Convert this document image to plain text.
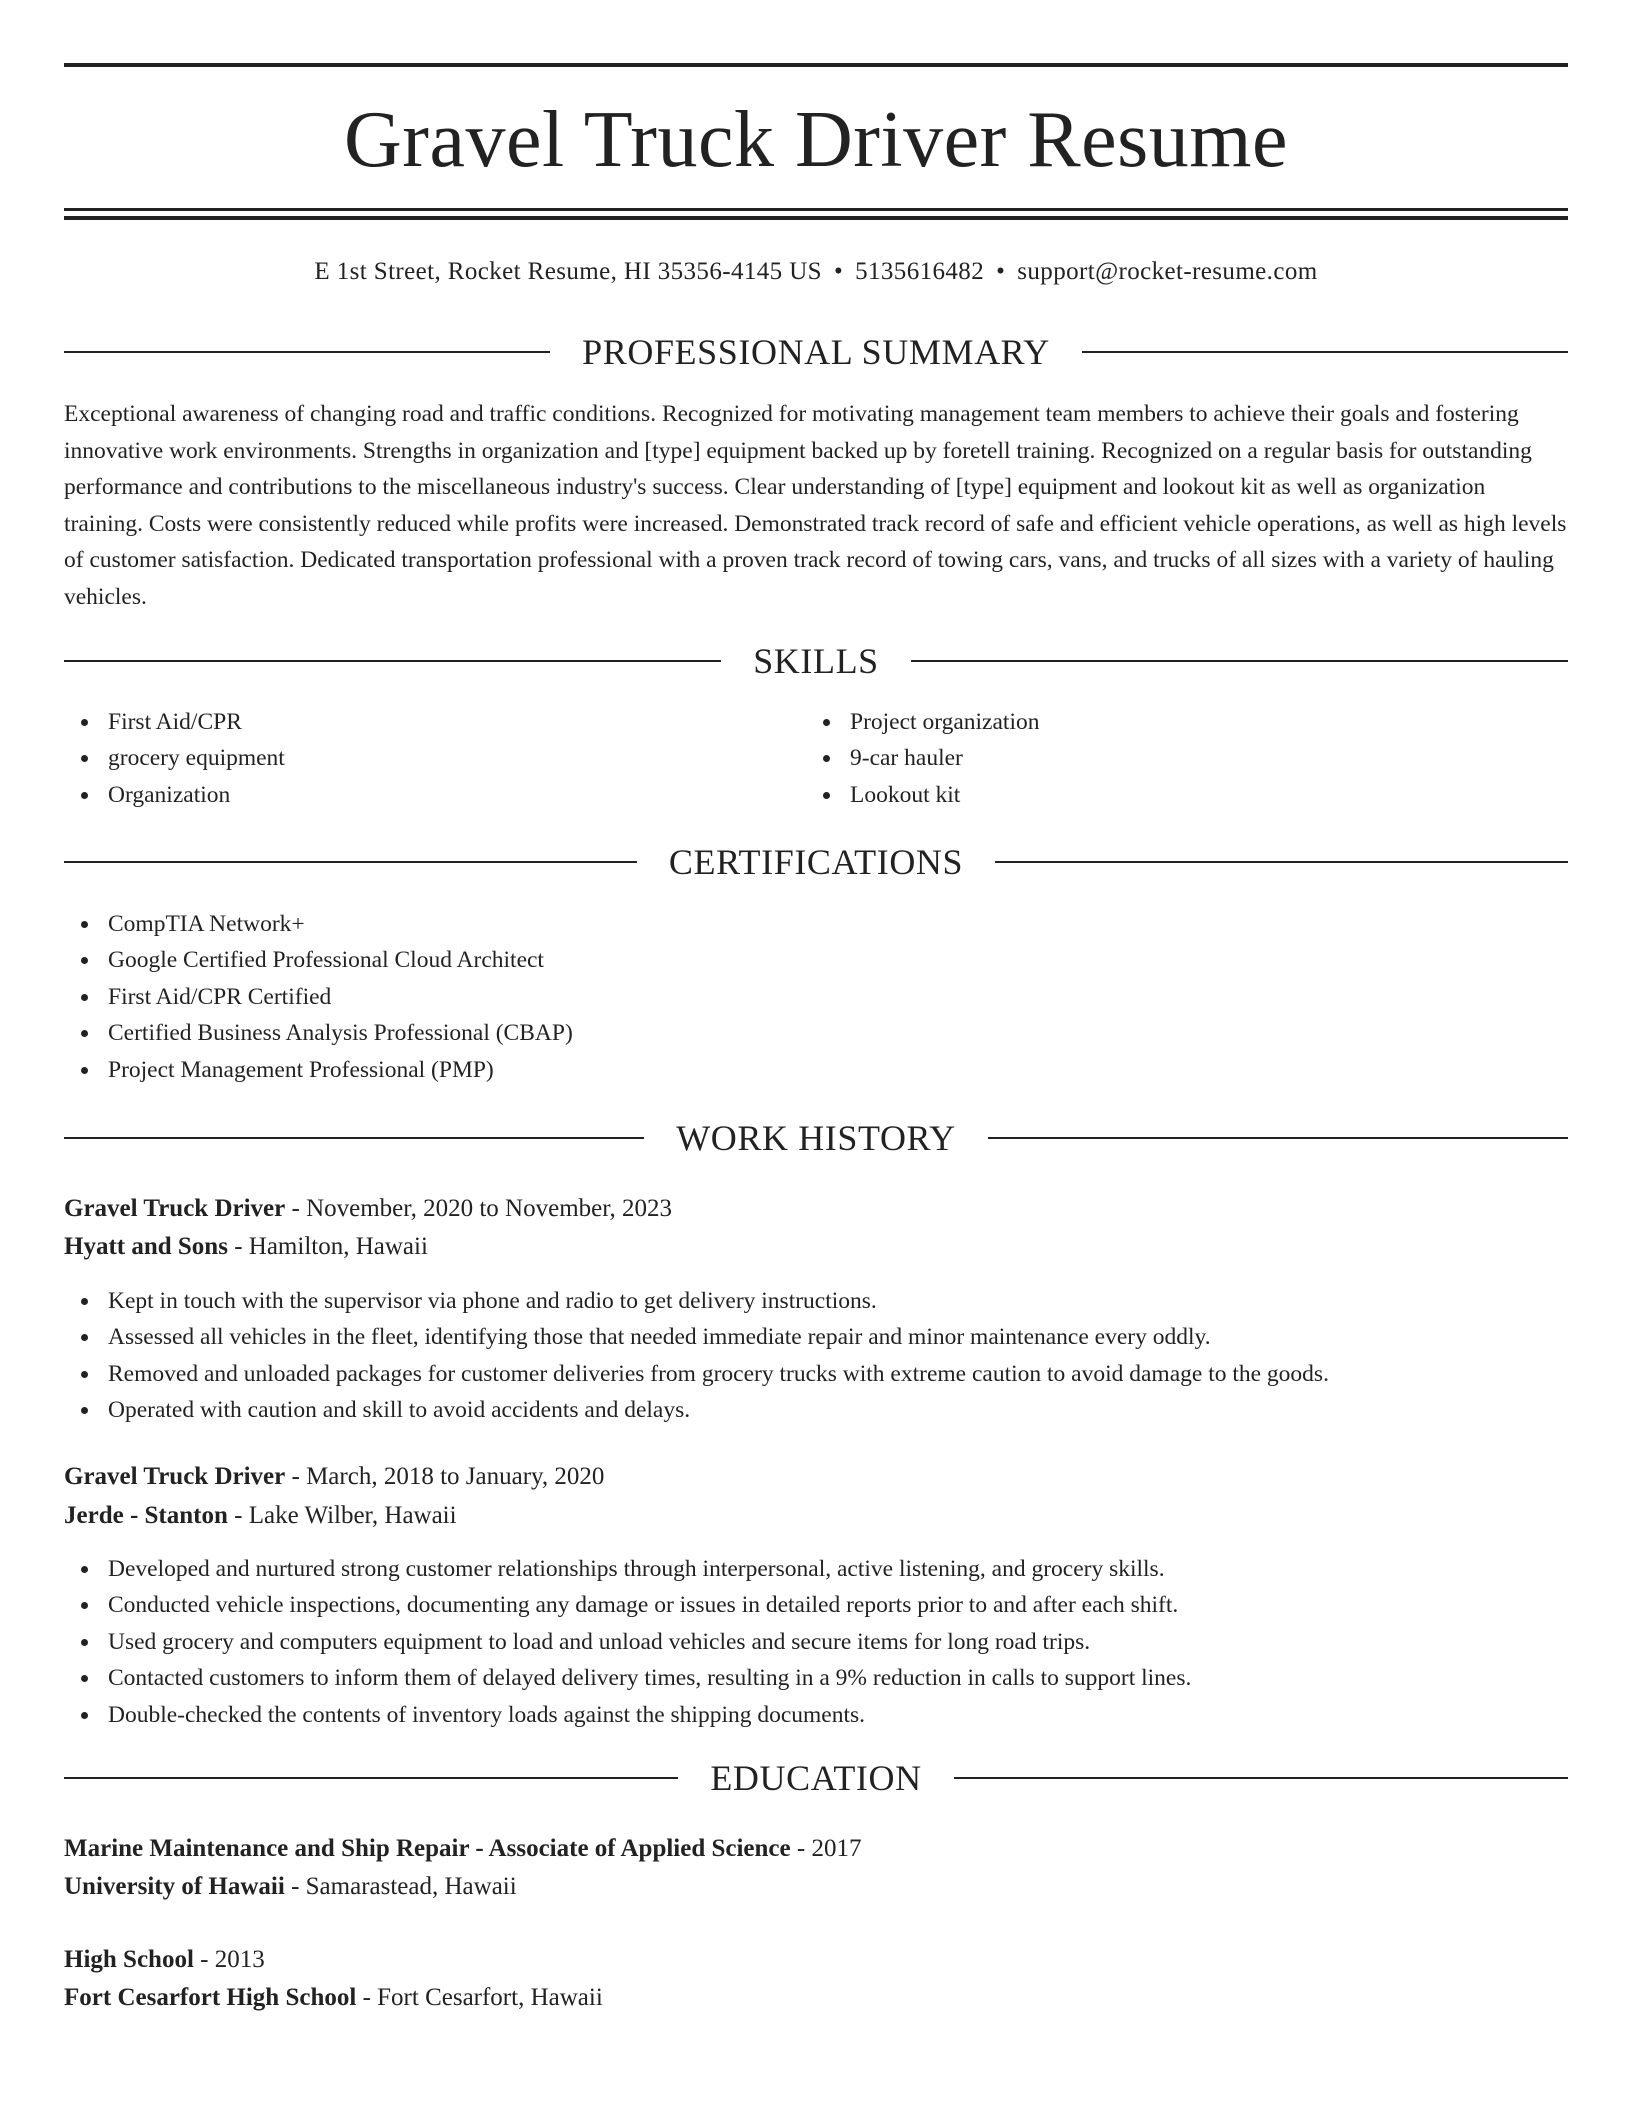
Gravel Truck Driver Resume
E 1st Street, Rocket Resume, HI 35356-4145 US • 5135616482 • support@rocket-resume.com
PROFESSIONAL SUMMARY
Exceptional awareness of changing road and traffic conditions. Recognized for motivating management team members to achieve their goals and fostering innovative work environments. Strengths in organization and [type] equipment backed up by foretell training. Recognized on a regular basis for outstanding performance and contributions to the miscellaneous industry's success. Clear understanding of [type] equipment and lookout kit as well as organization training. Costs were consistently reduced while profits were increased. Demonstrated track record of safe and efficient vehicle operations, as well as high levels of customer satisfaction. Dedicated transportation professional with a proven track record of towing cars, vans, and trucks of all sizes with a variety of hauling vehicles.
SKILLS
First Aid/CPR
grocery equipment
Organization
Project organization
9-car hauler
Lookout kit
CERTIFICATIONS
CompTIA Network+
Google Certified Professional Cloud Architect
First Aid/CPR Certified
Certified Business Analysis Professional (CBAP)
Project Management Professional (PMP)
WORK HISTORY
Gravel Truck Driver - November, 2020 to November, 2023
Hyatt and Sons - Hamilton, Hawaii
Kept in touch with the supervisor via phone and radio to get delivery instructions.
Assessed all vehicles in the fleet, identifying those that needed immediate repair and minor maintenance every oddly.
Removed and unloaded packages for customer deliveries from grocery trucks with extreme caution to avoid damage to the goods.
Operated with caution and skill to avoid accidents and delays.
Gravel Truck Driver - March, 2018 to January, 2020
Jerde - Stanton - Lake Wilber, Hawaii
Developed and nurtured strong customer relationships through interpersonal, active listening, and grocery skills.
Conducted vehicle inspections, documenting any damage or issues in detailed reports prior to and after each shift.
Used grocery and computers equipment to load and unload vehicles and secure items for long road trips.
Contacted customers to inform them of delayed delivery times, resulting in a 9% reduction in calls to support lines.
Double-checked the contents of inventory loads against the shipping documents.
EDUCATION
Marine Maintenance and Ship Repair - Associate of Applied Science - 2017
University of Hawaii - Samarastead, Hawaii
High School - 2013
Fort Cesarfort High School - Fort Cesarfort, Hawaii
